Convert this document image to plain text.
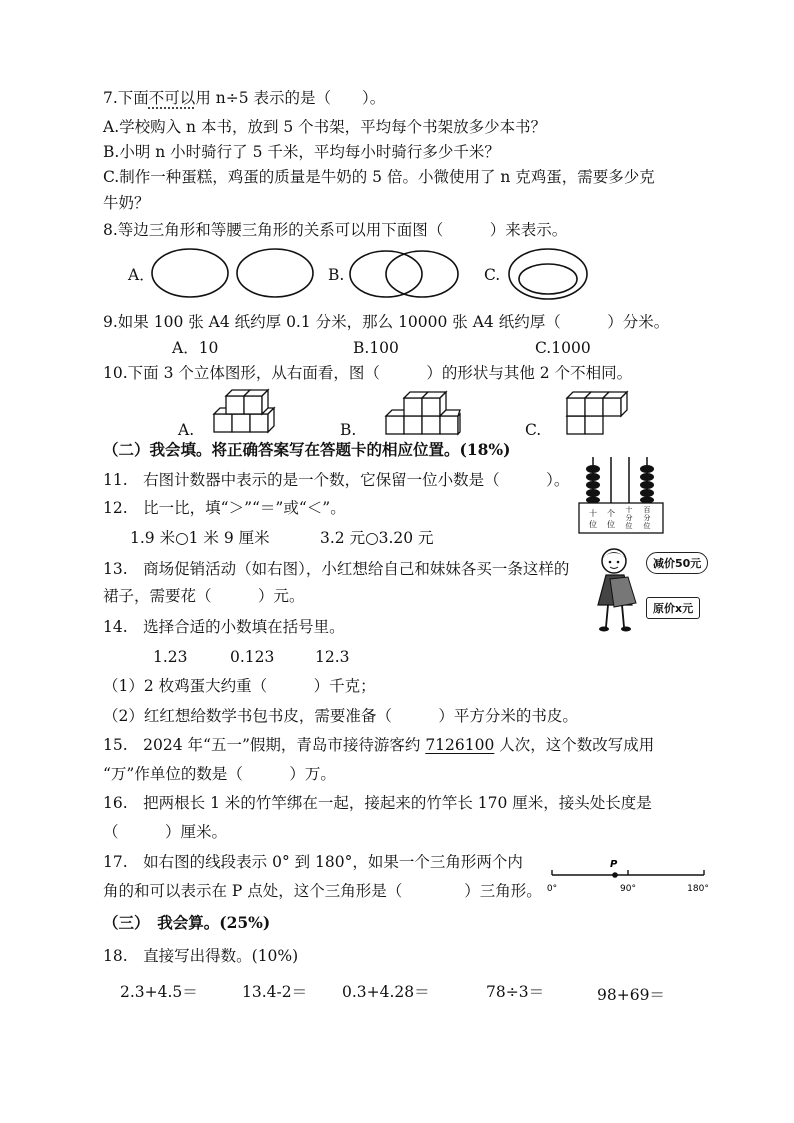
7.下面不可以用 n÷5 表示的是（　　）。
A.学校购入 n 本书，放到 5 个书架，平均每个书架放多少本书？
B.小明 n 小时骑行了 5 千米，平均每小时骑行多少千米？
C.制作一种蛋糕，鸡蛋的质量是牛奶的 5 倍。小微使用了 n 克鸡蛋，需要多少克
牛奶？
8.等边三角形和等腰三角形的关系可以用下面图（　　　）来表示。
A．	B.	C.
9.如果 100 张 A4 纸约厚 0.1 分米，那么 10000 张 A4 纸约厚（　　　）分米。
A．10	B.100	C.1000
10.下面 3 个立体图形，从右面看，图（　　　）的形状与其他 2 个不相同。
A.	B.	C.
（二）我会填。将正确答案写在答题卡的相应位置。(18%)
11.　右图计数器中表示的是一个数，它保留一位小数是（　　　）。
十
位
个
位
十
分
位
百
分
位
12.　比一比，填“＞”“＝”或“＜”。
1.9 米○1 米 9 厘米	3.2 元○3.20 元
13.　商场促销活动（如右图），小红想给自己和妹妹各买一条这样的
裙子，需要花（　　　）元。
减价50元
原价x元
14.　选择合适的小数填在括号里。
1.23	0.123	12.3
（1）2 枚鸡蛋大约重（　　　）千克；
（2）红红想给数学书包书皮，需要准备（　　　）平方分米的书皮。
15.　2024 年“五一”假期，青岛市接待游客约 7126100 人次，这个数改写成用
“万”作单位的数是（　　　）万。
16.　把两根长 1 米的竹竿绑在一起，接起来的竹竿长 170 厘米，接头处长度是
（　　　）厘米。
17.　如右图的线段表示 0° 到 180°，如果一个三角形两个内
角的和可以表示在 P 点处，这个三角形是（　　　　）三角形。
P
0°	90°	180°
（三）　我会算。(25%)
18.　直接写出得数。(10%)
2.3+4.5＝	13.4-2＝ 0.3+4.28＝	78÷3＝	98+69＝
